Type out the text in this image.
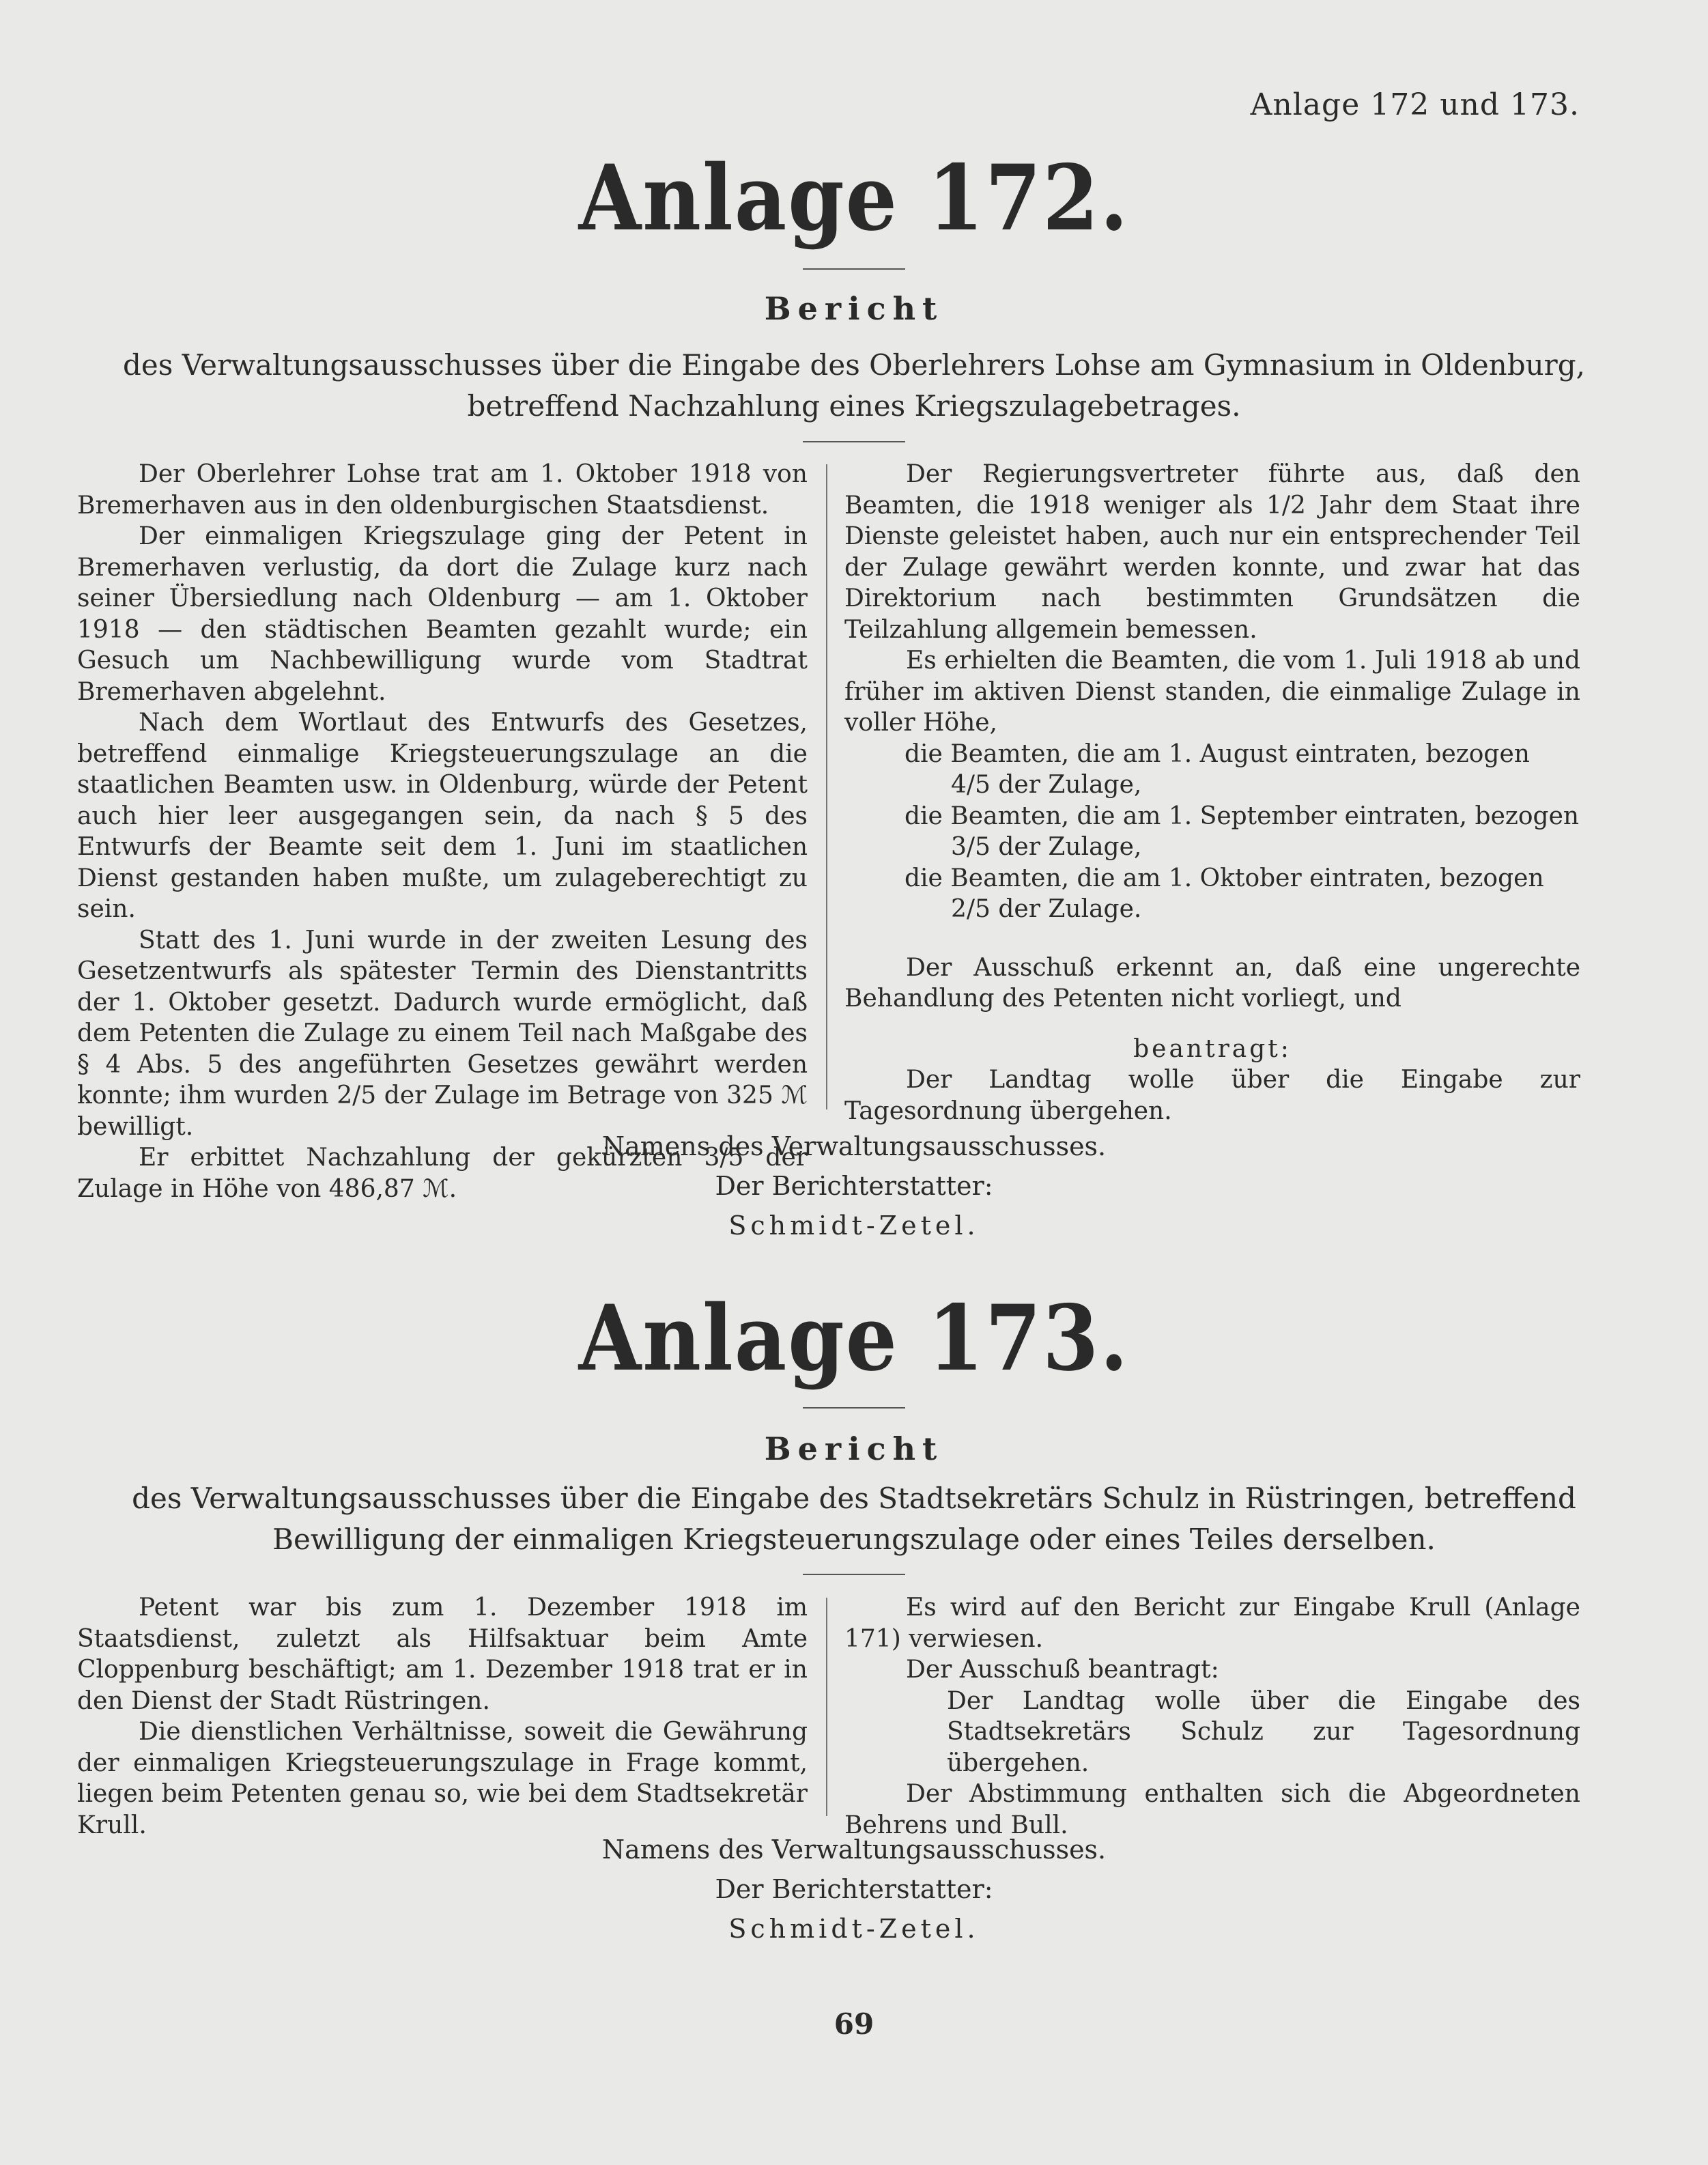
Anlage 172 und 173.
Anlage 172.
Bericht
des Verwaltungsausschusses über die Eingabe des Oberlehrers Lohse am Gymnasium in Oldenburg, betreffend Nachzahlung eines Kriegszulagebetrages.

Der Oberlehrer Lohse trat am 1. Oktober 1918 von Bremerhaven aus in den oldenburgischen Staatsdienst.

Der einmaligen Kriegszulage ging der Petent in Bremerhaven verlustig, da dort die Zulage kurz nach seiner Übersiedlung nach Oldenburg — am 1. Oktober 1918 — den städtischen Beamten gezahlt wurde; ein Gesuch um Nachbewilligung wurde vom Stadtrat Bremerhaven abgelehnt.

Nach dem Wortlaut des Entwurfs des Gesetzes, betreffend einmalige Kriegsteuerungszulage an die staatlichen Beamten usw. in Oldenburg, würde der Petent auch hier leer ausgegangen sein, da nach § 5 des Entwurfs der Beamte seit dem 1. Juni im staatlichen Dienst gestanden haben mußte, um zulageberechtigt zu sein.

Statt des 1. Juni wurde in der zweiten Lesung des Gesetzentwurfs als spätester Termin des Dienstantritts der 1. Oktober gesetzt. Dadurch wurde ermöglicht, daß dem Petenten die Zulage zu einem Teil nach Maßgabe des § 4 Abs. 5 des angeführten Gesetzes gewährt werden konnte; ihm wurden 2/5 der Zulage im Betrage von 325 ℳ bewilligt.

Er erbittet Nachzahlung der gekürzten 3/5 der Zulage in Höhe von 486,87 ℳ.

Der Regierungsvertreter führte aus, daß den Beamten, die 1918 weniger als 1/2 Jahr dem Staat ihre Dienste geleistet haben, auch nur ein entsprechender Teil der Zulage gewährt werden konnte, und zwar hat das Direktorium nach bestimmten Grundsätzen die Teilzahlung allgemein bemessen.

Es erhielten die Beamten, die vom 1. Juli 1918 ab und früher im aktiven Dienst standen, die einmalige Zulage in voller Höhe,

die Beamten, die am 1. August eintraten, bezogen
4/5 der Zulage,

die Beamten, die am 1. September eintraten, bezogen
3/5 der Zulage,

die Beamten, die am 1. Oktober eintraten, bezogen
2/5 der Zulage.

Der Ausschuß erkennt an, daß eine ungerechte Behandlung des Petenten nicht vorliegt, und

beantragt:

Der Landtag wolle über die Eingabe zur Tagesordnung übergehen.

Namens des Verwaltungsausschusses.
Der Berichterstatter:
Schmidt-Zetel.
Anlage 173.
Bericht
des Verwaltungsausschusses über die Eingabe des Stadtsekretärs Schulz in Rüstringen, betreffend Bewilligung der einmaligen Kriegsteuerungszulage oder eines Teiles derselben.

Petent war bis zum 1. Dezember 1918 im Staatsdienst, zuletzt als Hilfsaktuar beim Amte Cloppenburg beschäftigt; am 1. Dezember 1918 trat er in den Dienst der Stadt Rüstringen.

Die dienstlichen Verhältnisse, soweit die Gewährung der einmaligen Kriegsteuerungszulage in Frage kommt, liegen beim Petenten genau so, wie bei dem Stadtsekretär Krull.

Es wird auf den Bericht zur Eingabe Krull (Anlage 171) verwiesen.

Der Ausschuß beantragt:

Der Landtag wolle über die Eingabe des Stadtsekretärs Schulz zur Tagesordnung übergehen.

Der Abstimmung enthalten sich die Abgeordneten Behrens und Bull.

Namens des Verwaltungsausschusses.
Der Berichterstatter:
Schmidt-Zetel.
69
